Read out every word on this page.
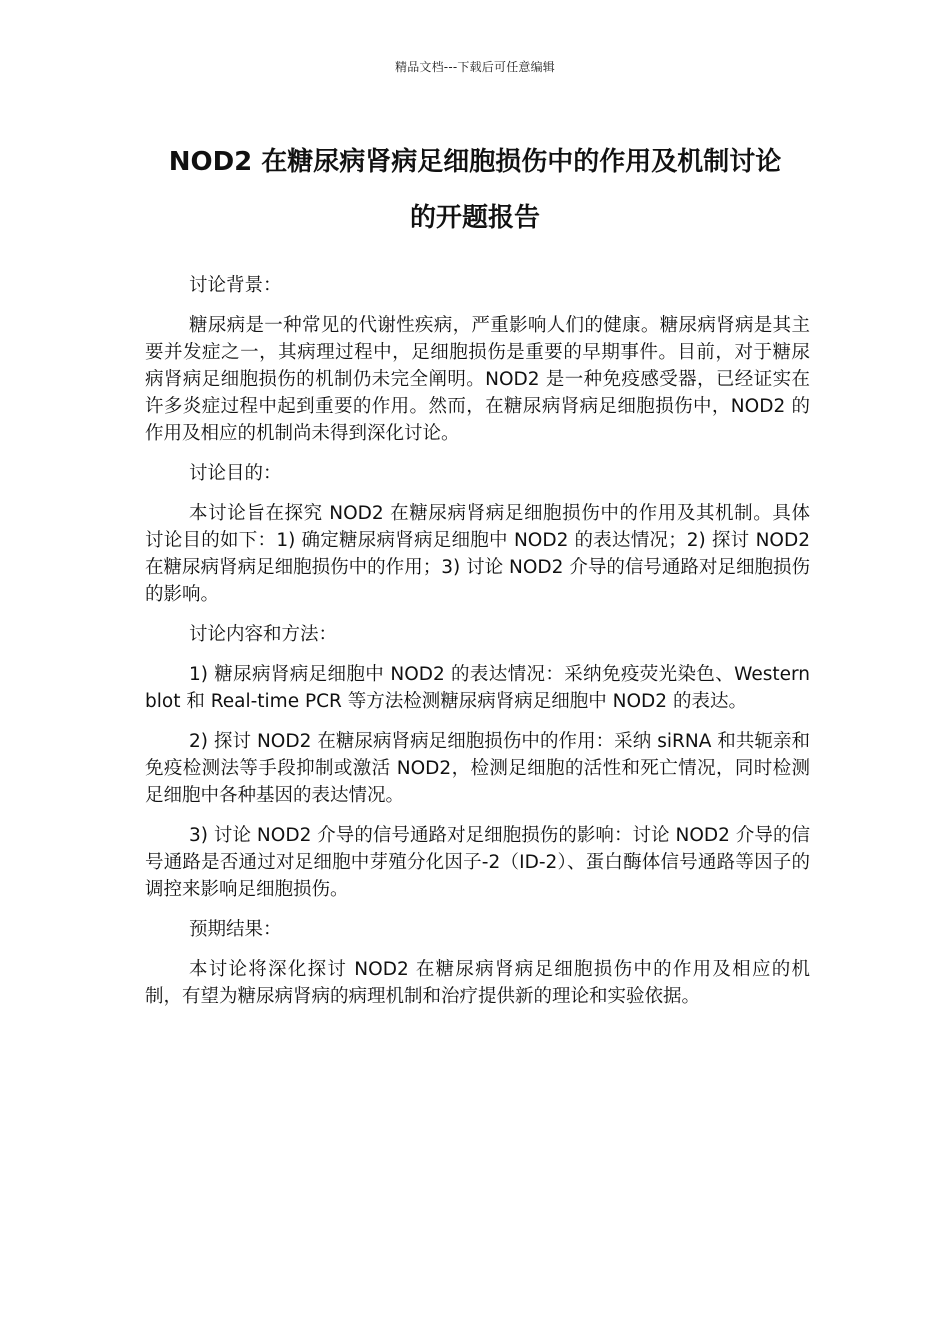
精品文档---下载后可任意编辑
NOD2 在糖尿病肾病足细胞损伤中的作用及机制讨论
的开题报告

讨论背景：

糖尿病是一种常见的代谢性疾病，严重影响人们的健康。糖尿病肾病是其主要并发症之一，其病理过程中，足细胞损伤是重要的早期事件。目前，对于糖尿病肾病足细胞损伤的机制仍未完全阐明。NOD2 是一种免疫感受器，已经证实在许多炎症过程中起到重要的作用。然而，在糖尿病肾病足细胞损伤中，NOD2 的作用及相应的机制尚未得到深化讨论。

讨论目的：

本讨论旨在探究 NOD2 在糖尿病肾病足细胞损伤中的作用及其机制。具体讨论目的如下：1) 确定糖尿病肾病足细胞中 NOD2 的表达情况；2) 探讨 NOD2 在糖尿病肾病足细胞损伤中的作用；3) 讨论 NOD2 介导的信号通路对足细胞损伤的影响。

讨论内容和方法：

1) 糖尿病肾病足细胞中 NOD2 的表达情况：采纳免疫荧光染色、Western blot 和 Real-time PCR 等方法检测糖尿病肾病足细胞中 NOD2 的表达。

2) 探讨 NOD2 在糖尿病肾病足细胞损伤中的作用：采纳 siRNA 和共轭亲和免疫检测法等手段抑制或激活 NOD2，检测足细胞的活性和死亡情况，同时检测足细胞中各种基因的表达情况。

3) 讨论 NOD2 介导的信号通路对足细胞损伤的影响：讨论 NOD2 介导的信号通路是否通过对足细胞中芽殖分化因子-2（ID-2）、蛋白酶体信号通路等因子的调控来影响足细胞损伤。

预期结果：

本讨论将深化探讨 NOD2 在糖尿病肾病足细胞损伤中的作用及相应的机制，有望为糖尿病肾病的病理机制和治疗提供新的理论和实验依据。
